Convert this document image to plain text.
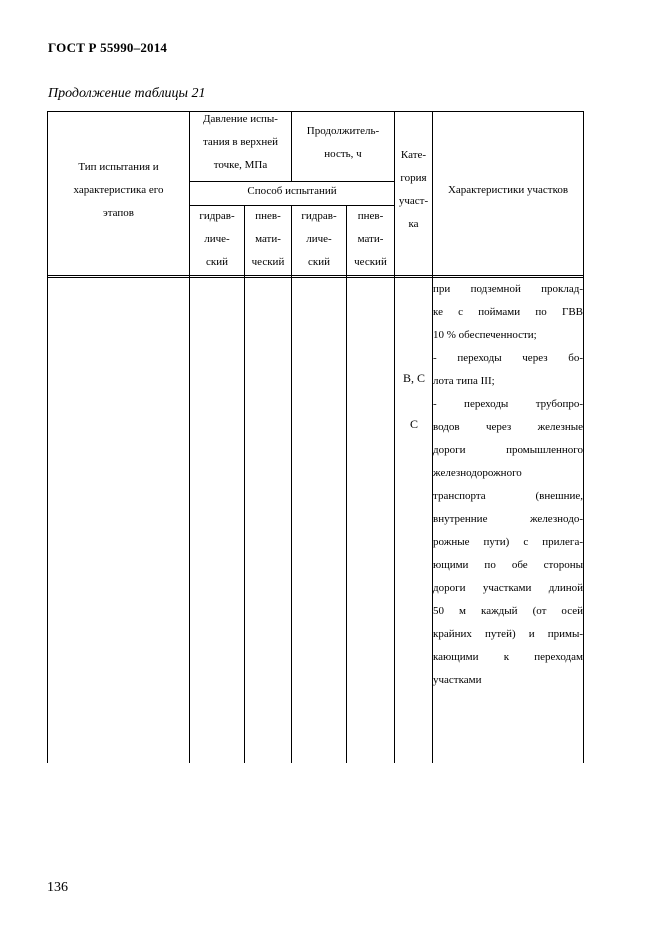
ГОСТ Р 55990–2014
Продолжение таблицы 21
Тип испытания и
характеристика его
этапов
Давление испы-
тания в верхней
точке, МПа
Продолжитель-
ность, ч
Способ испытаний
гидрав-
личе-
ский
пнев-
мати-
ческий
гидрав-
личе-
ский
пнев-
мати-
ческий
Кате-
гория
участ-
ка
Характеристики участков
B, C
C
при подземной проклад-
ке с поймами по ГВВ
10 % обеспеченности;
- переходы через бо-
лота типа III;
- переходы трубопро-
водов через железные
дороги промышленного
железнодорожного
транспорта (внешние,
внутренние железнодо-
рожные пути) с прилега-
ющими по обе стороны
дороги участками длиной
50 м каждый (от осей
крайних путей) и примы-
кающими к переходам
участками
136
